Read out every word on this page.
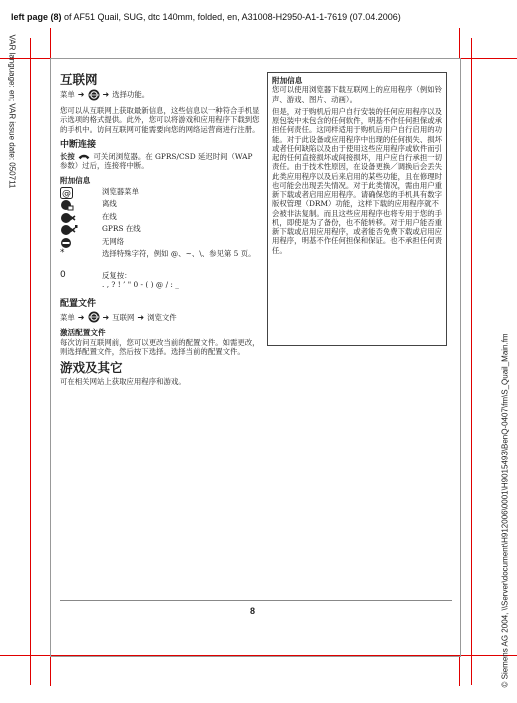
left page (8) of AF51 Quail, SUG, dtc 140mm, folded, en, A31008-H2950-A1-1-7619 (07.04.2006)
VAR language: en; VAR issue date: 050711
© Siemens AG 2004, \\Server\document\H912006\0001\H9015493\BenQ-0407\fm\S_Quail_Main.fm
互联网
菜单 ➜ ➜ 选择功能。

您可以从互联网上获取最新信息，这些信息以一种符合手机显示选项的格式提供。此外，您可以将游戏和应用程序下载到您的手机中。访问互联网可能需要向您的网络运营商进行注册。

中断连接

长按	可关闭浏览器。在 GPRS/CSD 延迟时间（WAP 参数）过后，连接将中断。

附加信息
@	浏览器菜单
离线
在线
GPRS 在线
无网络
*	选择特殊字符，例如 @、~、\、参见第 5 页。
0	反复按：
. , ? ! ’ " 0 - ( ) @ / : _
配置文件
菜单 ➜ ➜ 互联网 ➜ 浏览文件
激活配置文件

每次访问互联网前，您可以更改当前的配置文件。如需更改，则选择配置文件，然后按下选择。选择当前的配置文件。

游戏及其它

可在相关网站上获取应用程序和游戏。

附加信息

您可以使用浏览器下载互联网上的应用程序（例如铃声、游戏、图片、动画）。

但是，对于购机后用户自行安装的任何应用程序以及原包装中未包含的任何软件，明基不作任何担保或承担任何责任。这同样适用于购机后用户自行启用的功能。对于此设备或应用程序中出现的任何损失、损坏或者任何缺陷以及由于使用这些应用程序或软件而引起的任何直接损坏或间接损坏，用户应自行承担一切责任。由于技术性原因，在设备更换／调换后会丢失此类应用程序以及后来启用的某些功能，且在修理时也可能会出现丢失情况。对于此类情况，需由用户重新下载或者启用应用程序。请确保您的手机具有数字版权管理（DRM）功能，这样下载的应用程序就不会被非法复制。而且这些应用程序也将专用于您的手机，即使是为了备份，也不能转移。对于用户能否重新下载或启用应用程序，或者能否免费下载或启用应用程序，明基不作任何担保和保证。也不承担任何责任。

8
